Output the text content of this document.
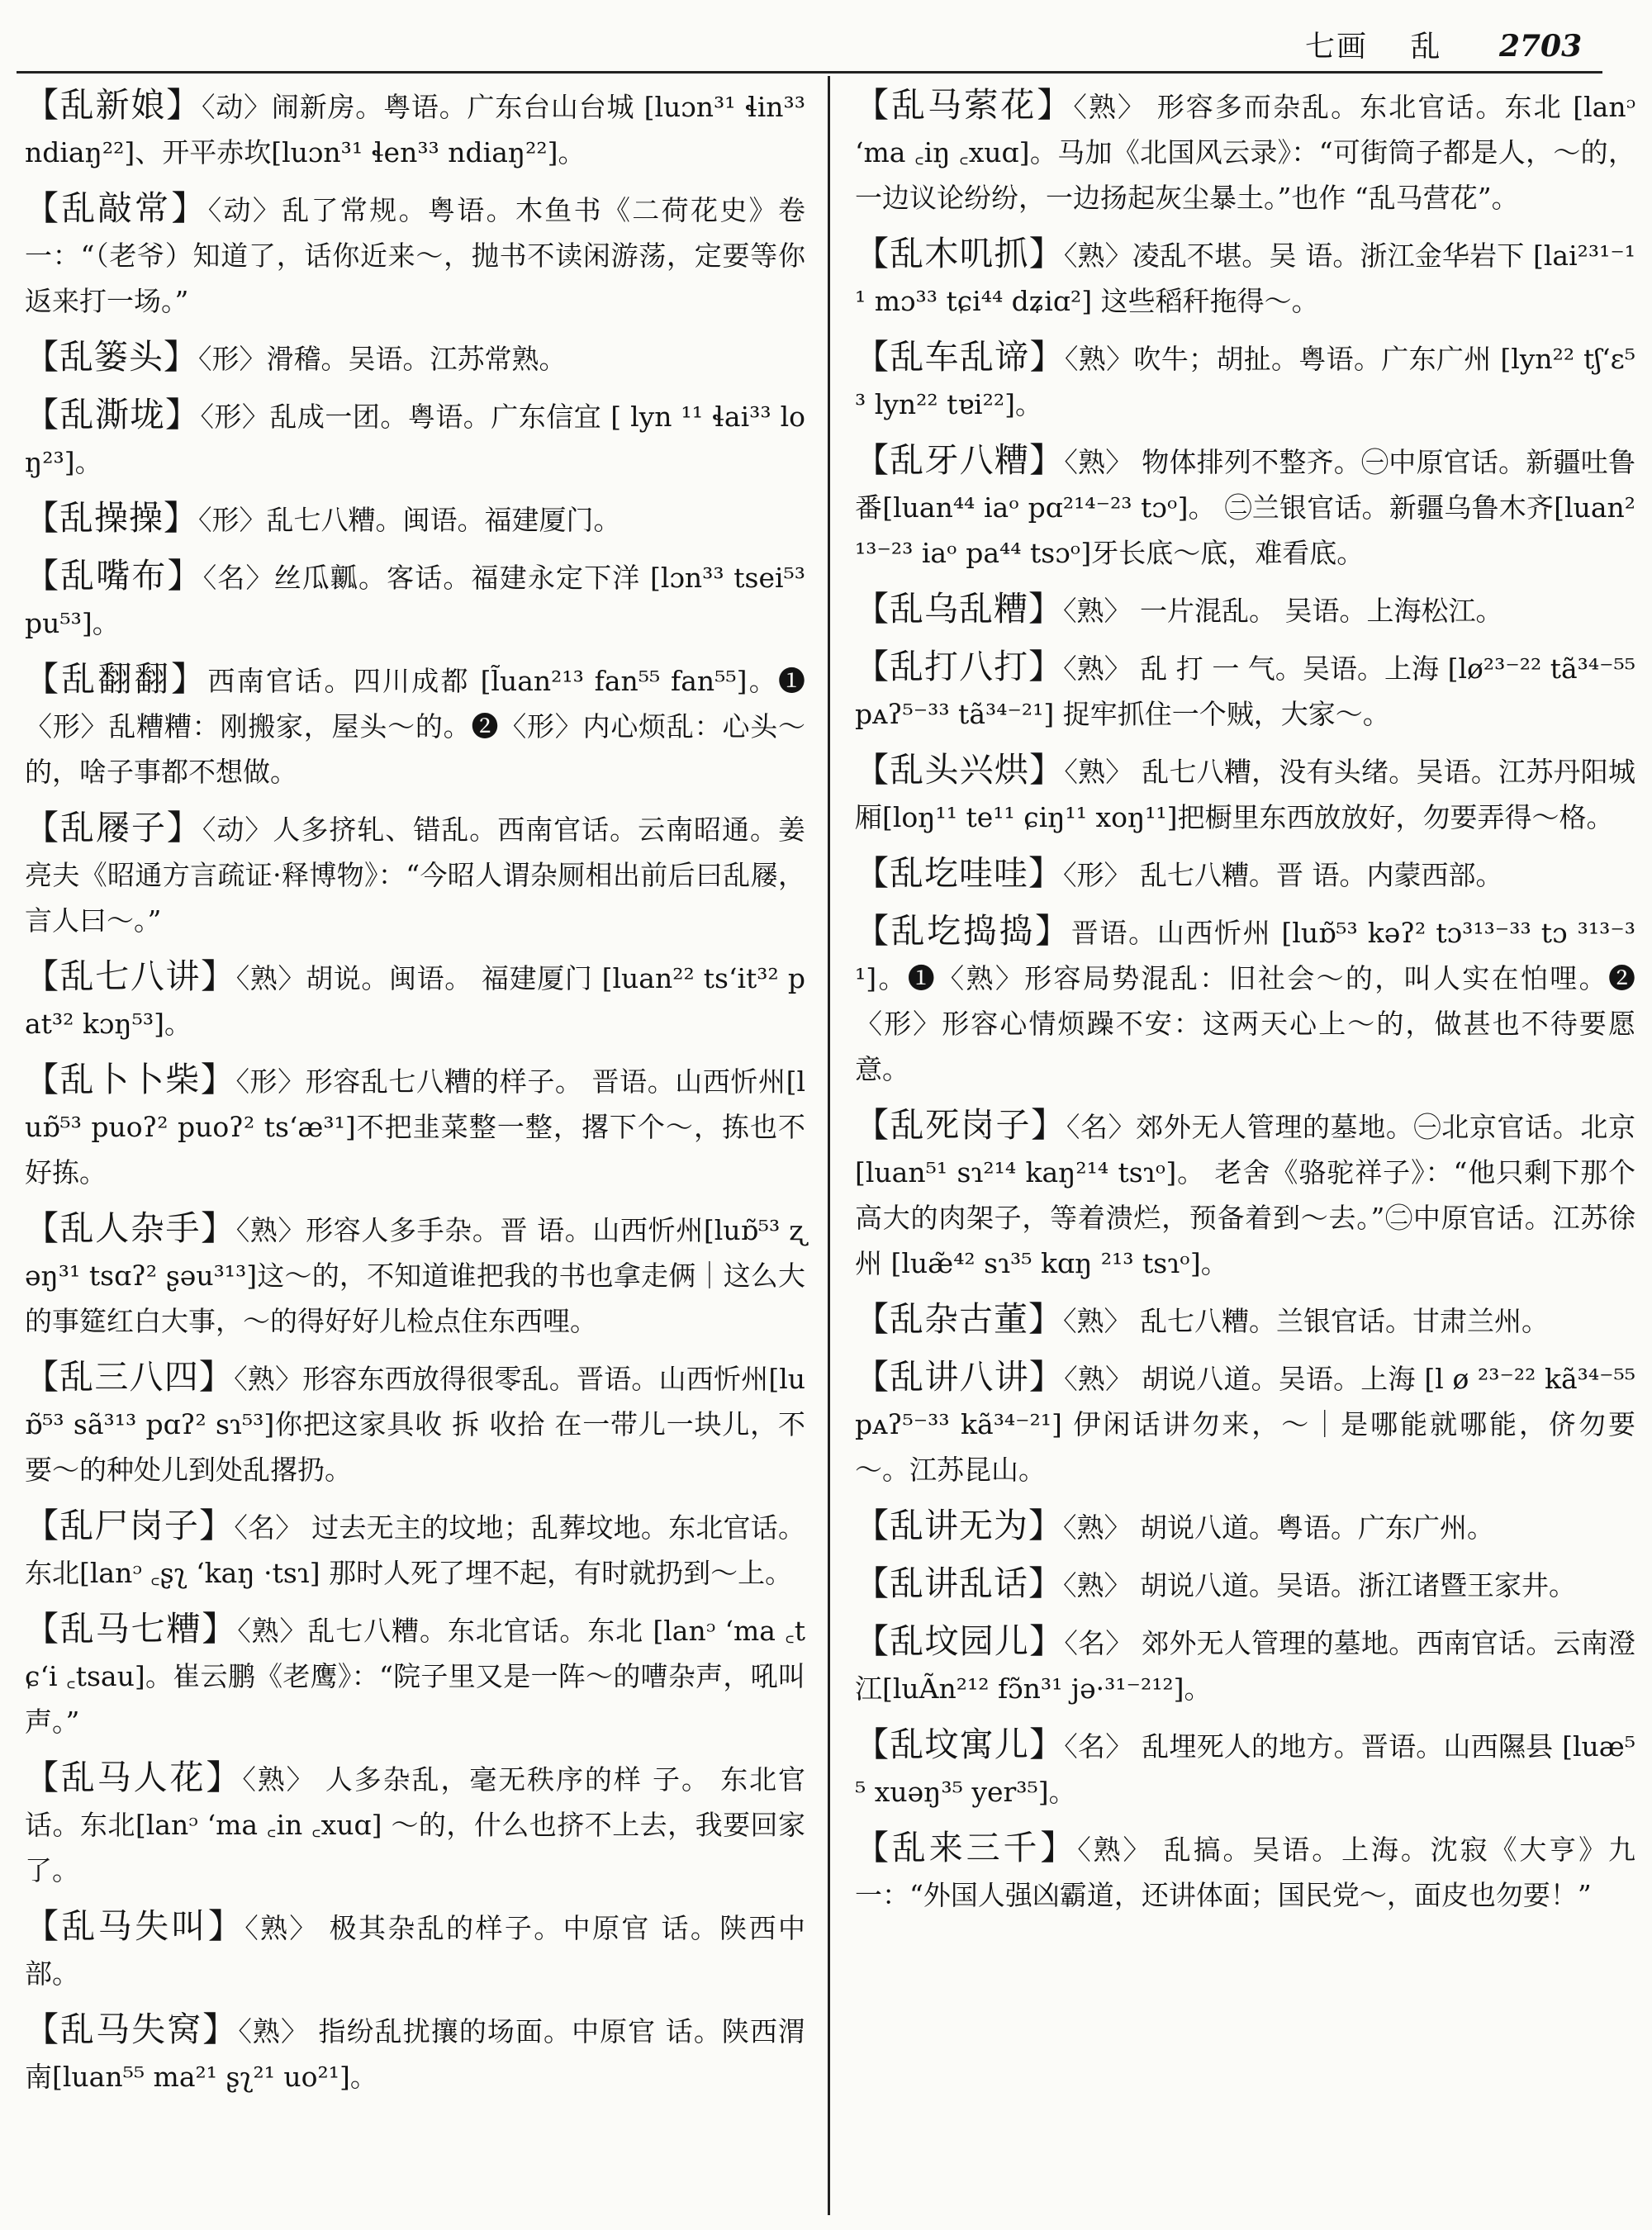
七画 乱 2703

【乱新娘】〈动〉闹新房。粤语。广东台山台城 [luɔn³¹ ɬin³³ ndiaŋ²²]、开平赤坎[luɔn³¹ ɬen³³ ndiaŋ²²]。

【乱敲常】〈动〉乱了常规。粤语。木鱼书《二荷花史》卷一：“（老爷）知道了，话你近来～，抛书不读闲游荡，定要等你返来打一场。”

【乱篓头】〈形〉滑稽。吴语。江苏常熟。

【乱澌垅】〈形〉乱成一团。粤语。广东信宜 [ lyn ¹¹ ɬai³³ loŋ²³]。

【乱操操】〈形〉乱七八糟。闽语。福建厦门。

【乱嘴布】〈名〉丝瓜瓤。客话。福建永定下洋 [lɔn³³ tsei⁵³ pu⁵³]。

【乱翻翻】西南官话。四川成都 [l̃uan²¹³ fan⁵⁵ fan⁵⁵]。❶〈形〉乱糟糟：刚搬家，屋头～的。❷〈形〉内心烦乱：心头～的，啥子事都不想做。

【乱屦子】〈动〉人多挤轧、错乱。西南官话。云南昭通。姜亮夫《昭通方言疏证·释博物》：“今昭人谓杂厕相出前后曰乱屦，言人曰～。”

【乱七八讲】〈熟〉胡说。闽语。 福建厦门 [luan²² ts‘it³² pat³² kɔŋ⁵³]。

【乱卜卜柴】〈形〉形容乱七八糟的样子。 晋语。山西忻州[luɒ̃⁵³ puoʔ² puoʔ² ts‘æ³¹]不把韭菜整一整，撂下个～，拣也不好拣。

【乱人杂手】〈熟〉形容人多手杂。晋 语。山西忻州[luɒ̃⁵³ ʐəŋ³¹ tsɑʔ² ʂəu³¹³]这～的，不知道谁把我的书也拿走俩｜这么大的事筵红白大事，～的得好好儿检点住东西哩。

【乱三八四】〈熟〉形容东西放得很零乱。晋语。山西忻州[luɒ̃⁵³ sã³¹³ pɑʔ² sɿ⁵³]你把这家具收 拆 收拾 在一带儿一块儿，不要～的种处儿到处乱撂扔。

【乱尸岗子】〈名〉 过去无主的坟地；乱葬坟地。东北官话。东北[lanᵓ ꜀ʂʅ ‘kaŋ ·tsɿ] 那时人死了埋不起，有时就扔到～上。

【乱马七糟】〈熟〉乱七八糟。东北官话。东北 [lanᵓ ‘ma ꜀tɕ‘i ꜀tsau]。崔云鹏《老鹰》：“院子里又是一阵～的嘈杂声，吼叫声。”

【乱马人花】〈熟〉 人多杂乱，毫无秩序的样 子。 东北官话。东北[lanᵓ ‘ma ꜀in ꜀xuɑ] ～的，什么也挤不上去，我要回家了。

【乱马失叫】〈熟〉 极其杂乱的样子。中原官 话。陕西中部。

【乱马失窝】〈熟〉 指纷乱扰攘的场面。中原官 话。陕西渭南[luan⁵⁵ ma²¹ ʂʅ²¹ uo²¹]。

【乱马萦花】〈熟〉 形容多而杂乱。东北官话。东北 [lanᵓ ‘ma ꜀iŋ ꜀xuɑ]。马加《北国风云录》：“可街筒子都是人，～的，一边议论纷纷，一边扬起灰尘暴土。”也作 “乱马营花”。

【乱木叽抓】〈熟〉凌乱不堪。吴 语。浙江金华岩下 [lai²³¹⁻¹¹ mɔ³³ tɕi⁴⁴ dʑiɑ²] 这些稻秆拖得～。

【乱车乱谛】〈熟〉吹牛；胡扯。粤语。广东广州 [lyn²² tʃ‘ɛ⁵³ lyn²² tɐi²²]。

【乱牙八糟】〈熟〉 物体排列不整齐。㊀中原官话。新疆吐鲁番[luan⁴⁴ iaᵒ pɑ²¹⁴⁻²³ tɔᵒ]。 ㊁兰银官话。新疆乌鲁木齐[luan²¹³⁻²³ iaᵒ pa⁴⁴ tsɔᵒ]牙长底～底，难看底。

【乱乌乱糟】〈熟〉 一片混乱。 吴语。上海松江。

【乱打八打】〈熟〉 乱 打 一 气。吴语。上海 [lø²³⁻²² tã³⁴⁻⁵⁵ pᴀʔ⁵⁻³³ tã³⁴⁻²¹] 捉牢抓住一个贼，大家～。

【乱头兴烘】〈熟〉 乱七八糟，没有头绪。吴语。江苏丹阳城厢[loŋ¹¹ te¹¹ ɕiŋ¹¹ xoŋ¹¹]把橱里东西放放好，勿要弄得～格。

【乱圪哇哇】〈形〉 乱七八糟。晋 语。内蒙西部。

【乱圪捣捣】晋语。山西忻州 [luɒ̃⁵³ kəʔ² tɔ³¹³⁻³³ tɔ ³¹³⁻³¹]。❶〈熟〉形容局势混乱：旧社会～的，叫人实在怕哩。❷〈形〉形容心情烦躁不安：这两天心上～的，做甚也不待要愿意。

【乱死岗子】〈名〉郊外无人管理的墓地。㊀北京官话。北京 [luan⁵¹ sɿ²¹⁴ kaŋ²¹⁴ tsɿᵒ]。 老舍《骆驼祥子》：“他只剩下那个高大的肉架子，等着溃烂，预备着到～去。”㊁中原官话。江苏徐州 [luæ̃⁴² sɿ³⁵ kɑŋ ²¹³ tsɿᵒ]。

【乱杂古董】〈熟〉 乱七八糟。兰银官话。甘肃兰州。

【乱讲八讲】〈熟〉 胡说八道。吴语。上海 [l ø ²³⁻²² kã³⁴⁻⁵⁵ pᴀʔ⁵⁻³³ kã³⁴⁻²¹] 伊闲话讲勿来，～｜是哪能就哪能，侪勿要～。江苏昆山。

【乱讲无为】〈熟〉 胡说八道。粤语。广东广州。

【乱讲乱话】〈熟〉 胡说八道。吴语。浙江诸暨王家井。

【乱坟园儿】〈名〉 郊外无人管理的墓地。西南官话。云南澄江[luÃn²¹² fɔ̃n³¹ jə·³¹⁻²¹²]。

【乱坟寓儿】〈名〉 乱埋死人的地方。晋语。山西隰县 [luæ⁵⁵ xuəŋ³⁵ yer³⁵]。

【乱来三千】〈熟〉 乱搞。吴语。上海。沈寂《大亨》九一：“外国人强凶霸道，还讲体面；国民党～，面皮也勿要！”
